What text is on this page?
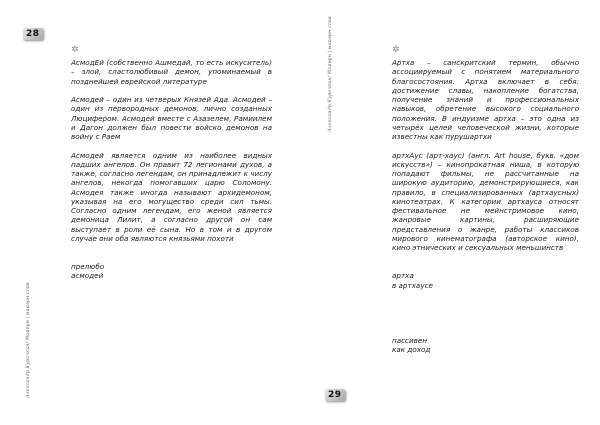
28
Александр Курочкин/ Модерн | модерн слов
✲

АсмодЕй (собственно Ашмедай, то есть искуситель) – злой, сластолюбивый демон, упоминаемый в позднейшей еврейской литературе

Асмодей – один из четверых Князей Ада. Асмодей – один из первородных демонов, лично созданных Люцифером. Асмодей вместе с Азазелем, Рамиилем и Дагон должен был повести войско демонов на войну с Раем

Асмодей является одним из наиболее видных падших ангелов. Он правит 72 легионами духов, а также, согласно легендам, он принадлежит к числу ангелов, некогда помогавших царю Соломону. Асмодея также иногда называют архидемоном, указывая на его могущество среди сил тьмы. Согласно одним легендам, его женой является демоница Лилит, а согласно другой он сам выступает в роли её сына. Но в том и в другом случае они оба являются князьями похоти

прелюбо
асмодей

Александр Курочкин/ Модерн | модерн слов
29
✲

Артха – санскритский термин, обычно ассоциируемый с понятием материального благосостояния. Артха включает в себя: достижение славы, накопление богатства, получение знаний и профессиональных навыков, обретение высокого социального положения. В индуизме артха – это одна из четырёх целей человеческой жизни, которые известны как пурушартхи

артхАус (арт-хаус) (англ. Art house, букв. «дом искусств») – кинопрокатная ниша, в которую попадают фильмы, не рассчитанные на широкую аудиторию, демонстрирующиеся, как правило, в специализированных (артхаусных) кинотеатрах. К категории артхауса относят фестивальное не мейнстримовое кино, жанровые картины, расширяющие представления о жанре, работы классиков мирового кинематографа (авторское кино), кино этнических и сексуальных меньшинств

артха
в артхаусе

пассивен
как доход
